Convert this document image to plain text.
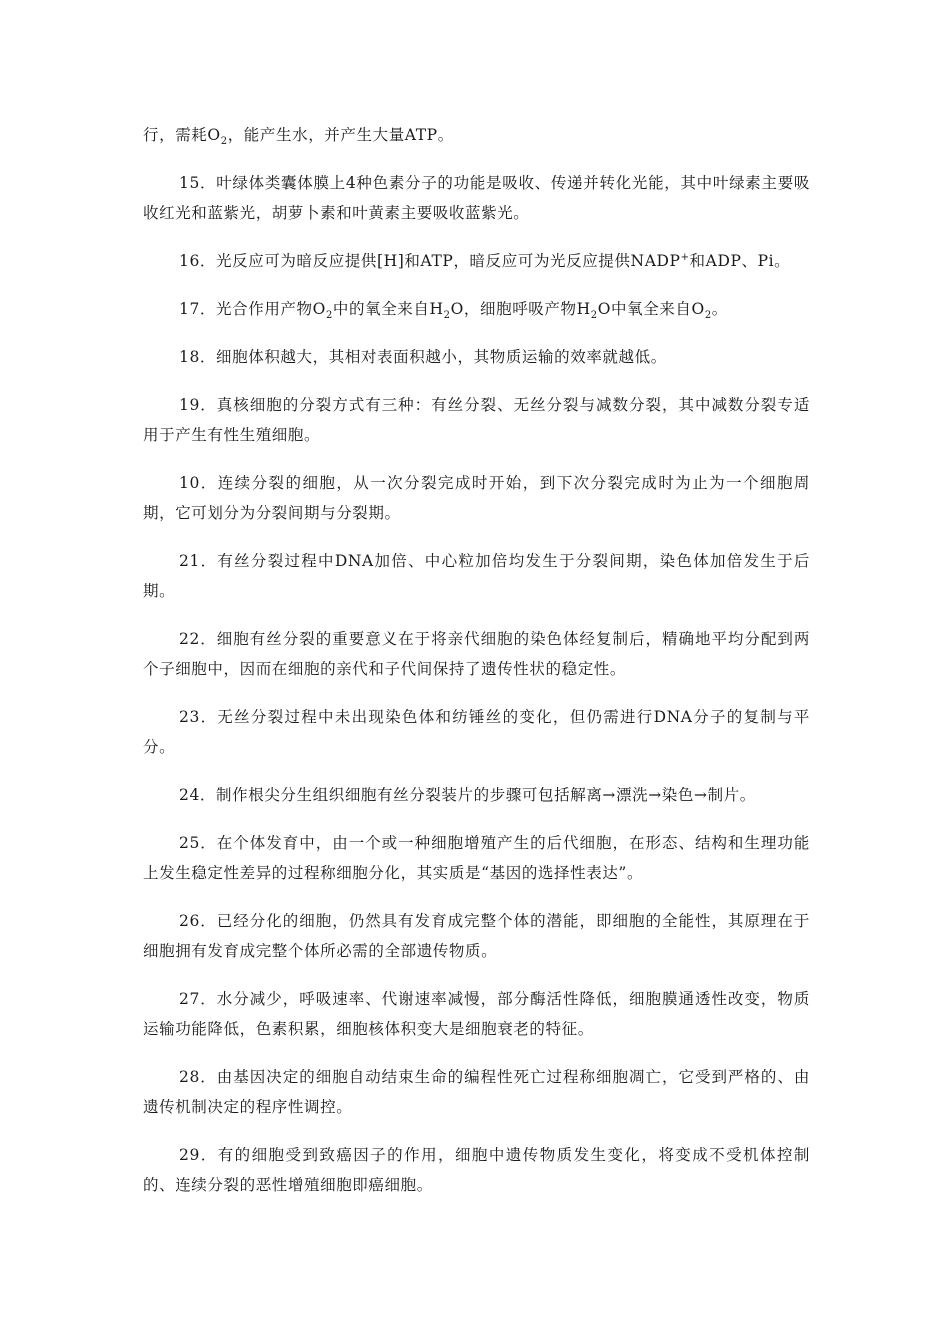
行，需耗$O_2$，能产生水，并产生大量ATP。

15．叶绿体类囊体膜上4种色素分子的功能是吸收、传递并转化光能，其中叶绿素主要吸收红光和蓝紫光，胡萝卜素和叶黄素主要吸收蓝紫光。

16．光反应可为暗反应提供[H]和ATP，暗反应可为光反应提供NADP+和ADP、Pi。

17．光合作用产物$O_2$中的氧全来自$H_2O$，细胞呼吸产物$H_2O$中氧全来自$O_2$。

18．细胞体积越大，其相对表面积越小，其物质运输的效率就越低。

19．真核细胞的分裂方式有三种：有丝分裂、无丝分裂与减数分裂，其中减数分裂专适用于产生有性生殖细胞。

10．连续分裂的细胞，从一次分裂完成时开始，到下次分裂完成时为止为一个细胞周期，它可划分为分裂间期与分裂期。

21．有丝分裂过程中DNA加倍、中心粒加倍均发生于分裂间期，染色体加倍发生于后期。

22．细胞有丝分裂的重要意义在于将亲代细胞的染色体经复制后，精确地平均分配到两个子细胞中，因而在细胞的亲代和子代间保持了遗传性状的稳定性。

23．无丝分裂过程中未出现染色体和纺锤丝的变化，但仍需进行DNA分子的复制与平分。

24．制作根尖分生组织细胞有丝分裂装片的步骤可包括解离→漂洗→染色→制片。

25．在个体发育中，由一个或一种细胞增殖产生的后代细胞，在形态、结构和生理功能上发生稳定性差异的过程称细胞分化，其实质是“基因的选择性表达”。

26．已经分化的细胞，仍然具有发育成完整个体的潜能，即细胞的全能性，其原理在于细胞拥有发育成完整个体所必需的全部遗传物质。

27．水分减少，呼吸速率、代谢速率减慢，部分酶活性降低，细胞膜通透性改变，物质运输功能降低，色素积累，细胞核体积变大是细胞衰老的特征。

28．由基因决定的细胞自动结束生命的编程性死亡过程称细胞凋亡，它受到严格的、由遗传机制决定的程序性调控。

29．有的细胞受到致癌因子的作用，细胞中遗传物质发生变化，将变成不受机体控制的、连续分裂的恶性增殖细胞即癌细胞。
